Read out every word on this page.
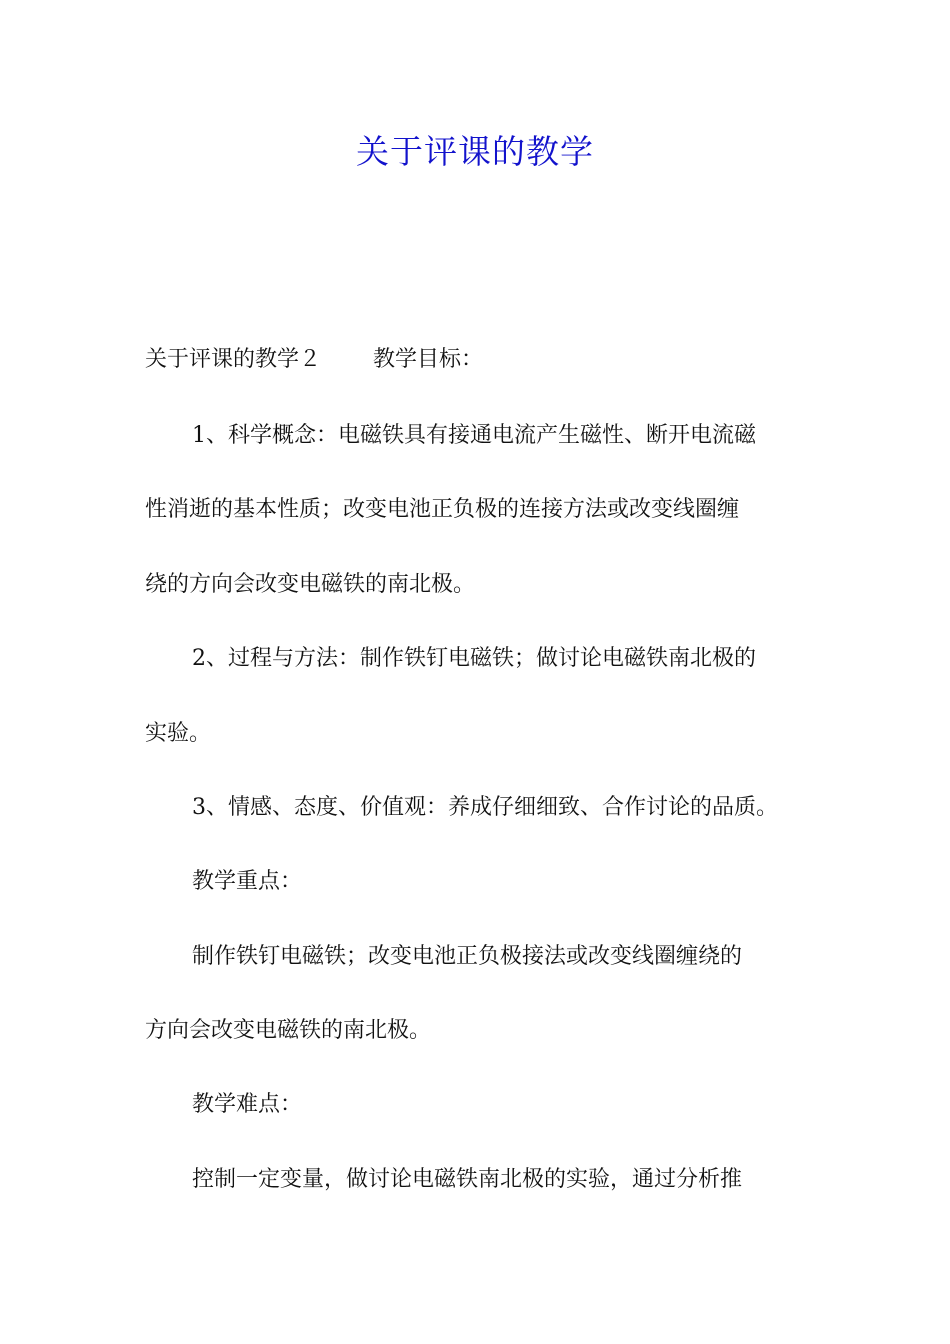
关于评课的教学
关于评课的教学２ 教学目标：
1、科学概念：电磁铁具有接通电流产生磁性、断开电流磁
性消逝的基本性质；改变电池正负极的连接方法或改变线圈缠
绕的方向会改变电磁铁的南北极。
2、过程与方法：制作铁钉电磁铁；做讨论电磁铁南北极的
实验。
3、情感、态度、价值观：养成仔细细致、合作讨论的品质。
教学重点：
制作铁钉电磁铁；改变电池正负极接法或改变线圈缠绕的
方向会改变电磁铁的南北极。
教学难点：
控制一定变量，做讨论电磁铁南北极的实验，通过分析推
